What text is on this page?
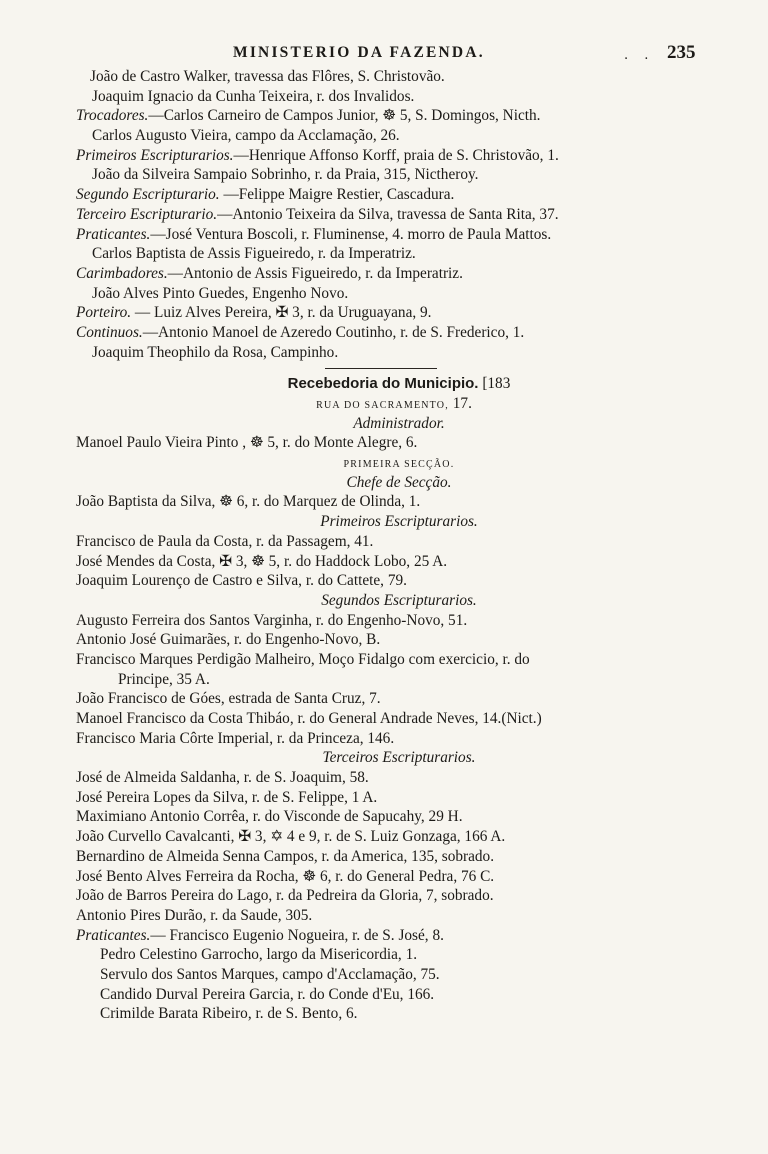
MINISTERIO DA FAZENDA.	. . 235
João de Castro Walker, travessa das Flôres, S. Christovão.
Joaquim Ignacio da Cunha Teixeira, r. dos Invalidos.
Trocadores.—Carlos Carneiro de Campos Junior, ☸ 5, S. Domingos, Nicth.
Carlos Augusto Vieira, campo da Acclamação, 26.
Primeiros Escripturarios.—Henrique Affonso Korff, praia de S. Christovão, 1.
João da Silveira Sampaio Sobrinho, r. da Praia, 315, Nictheroy.
Segundo Escripturario. —Felippe Maigre Restier, Cascadura.
Terceiro Escripturario.—Antonio Teixeira da Silva, travessa de Santa Rita, 37.
Praticantes.—José Ventura Boscoli, r. Fluminense, 4. morro de Paula Mattos.
Carlos Baptista de Assis Figueiredo, r. da Imperatriz.
Carimbadores.—Antonio de Assis Figueiredo, r. da Imperatriz.
João Alves Pinto Guedes, Engenho Novo.
Porteiro. — Luiz Alves Pereira, ✠ 3, r. da Uruguayana, 9.
Continuos.—Antonio Manoel de Azeredo Coutinho, r. de S. Frederico, 1.
Joaquim Theophilo da Rosa, Campinho.
Recebedoria do Municipio. [183
RUA DO SACRAMENTO, 17.
Administrador.
Manoel Paulo Vieira Pinto , ☸ 5, r. do Monte Alegre, 6.
PRIMEIRA SECÇÃO.
Chefe de Secção.
João Baptista da Silva, ☸ 6, r. do Marquez de Olinda, 1.
Primeiros Escripturarios.
Francisco de Paula da Costa, r. da Passagem, 41.
José Mendes da Costa, ✠ 3, ☸ 5, r. do Haddock Lobo, 25 A.
Joaquim Lourenço de Castro e Silva, r. do Cattete, 79.
Segundos Escripturarios.
Augusto Ferreira dos Santos Varginha, r. do Engenho-Novo, 51.
Antonio José Guimarães, r. do Engenho-Novo, B.
Francisco Marques Perdigão Malheiro, Moço Fidalgo com exercicio, r. do
Principe, 35 A.
João Francisco de Góes, estrada de Santa Cruz, 7.
Manoel Francisco da Costa Thibáo, r. do General Andrade Neves, 14.(Nict.)
Francisco Maria Côrte Imperial, r. da Princeza, 146.
Terceiros Escripturarios.
José de Almeida Saldanha, r. de S. Joaquim, 58.
José Pereira Lopes da Silva, r. de S. Felippe, 1 A.
Maximiano Antonio Corrêa, r. do Visconde de Sapucahy, 29 H.
João Curvello Cavalcanti, ✠ 3, ✡ 4 e 9, r. de S. Luiz Gonzaga, 166 A.
Bernardino de Almeida Senna Campos, r. da America, 135, sobrado.
José Bento Alves Ferreira da Rocha, ☸ 6, r. do General Pedra, 76 C.
João de Barros Pereira do Lago, r. da Pedreira da Gloria, 7, sobrado.
Antonio Pires Durão, r. da Saude, 305.
Praticantes.— Francisco Eugenio Nogueira, r. de S. José, 8.
Pedro Celestino Garrocho, largo da Misericordia, 1.
Servulo dos Santos Marques, campo d'Acclamação, 75.
Candido Durval Pereira Garcia, r. do Conde d'Eu, 166.
Crimilde Barata Ribeiro, r. de S. Bento, 6.
